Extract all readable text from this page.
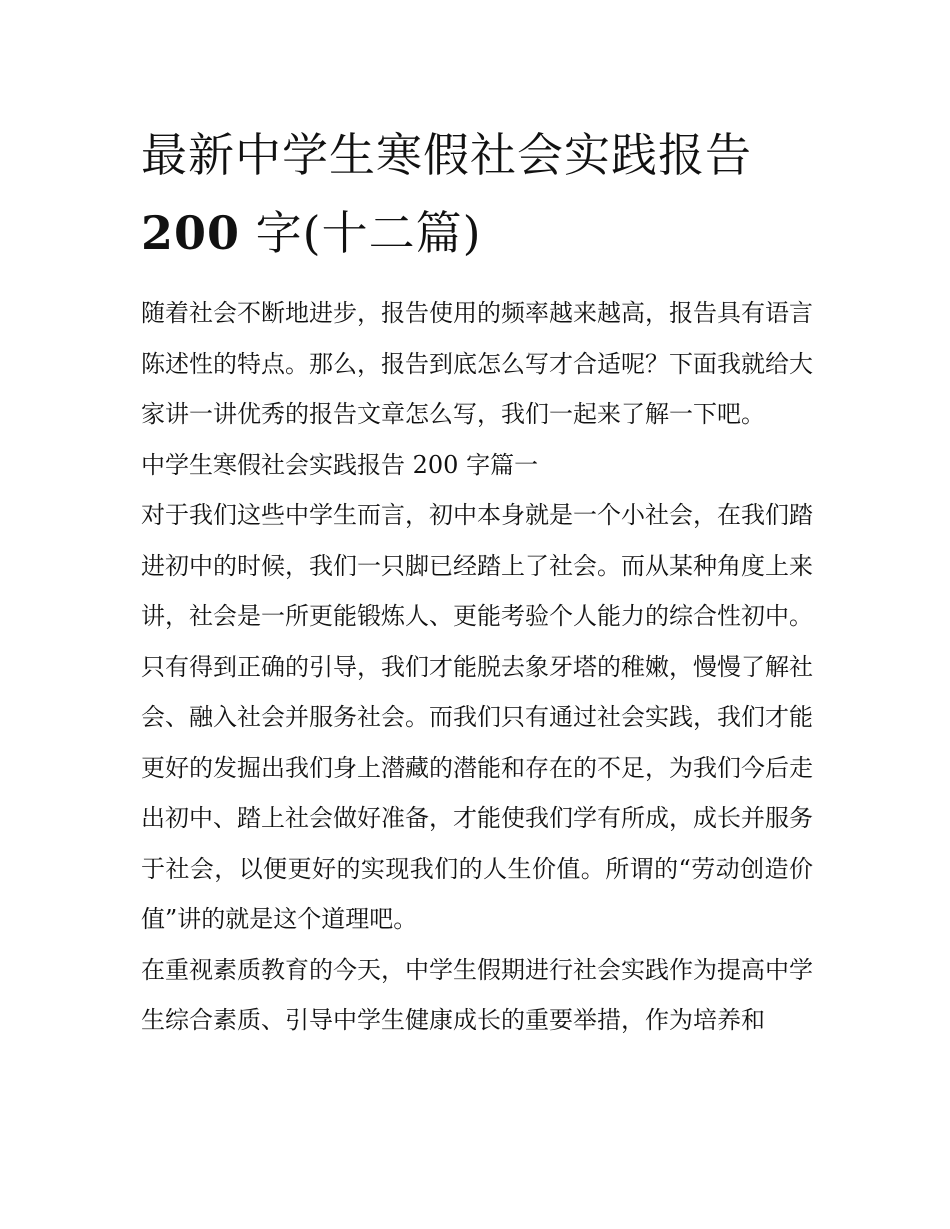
最新中学生寒假社会实践报告
200 字(十二篇)

随着社会不断地进步，报告使用的频率越来越高，报告具有语言陈述性的特点。那么，报告到底怎么写才合适呢？下面我就给大家讲一讲优秀的报告文章怎么写，我们一起来了解一下吧。

中学生寒假社会实践报告 200 字篇一

对于我们这些中学生而言，初中本身就是一个小社会，在我们踏进初中的时候，我们一只脚已经踏上了社会。而从某种角度上来讲，社会是一所更能锻炼人、更能考验个人能力的综合性初中。只有得到正确的引导，我们才能脱去象牙塔的稚嫩，慢慢了解社会、融入社会并服务社会。而我们只有通过社会实践，我们才能更好的发掘出我们身上潜藏的潜能和存在的不足，为我们今后走出初中、踏上社会做好准备，才能使我们学有所成，成长并服务于社会，以便更好的实现我们的人生价值。所谓的“劳动创造价值”讲的就是这个道理吧。

在重视素质教育的今天，中学生假期进行社会实践作为提高中学生综合素质、引导中学生健康成长的重要举措，作为培养和
